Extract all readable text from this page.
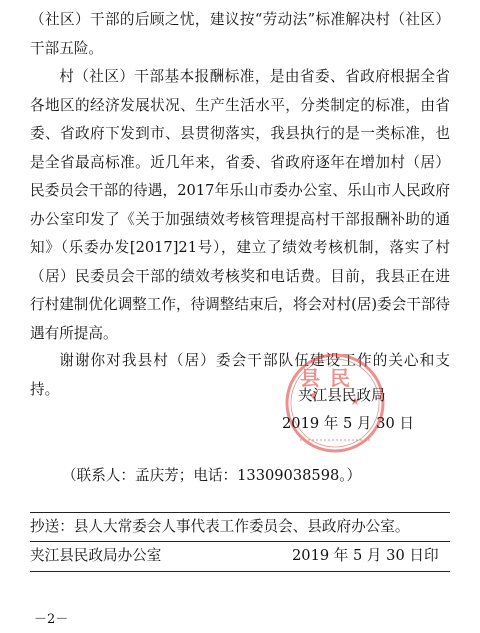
（社区）干部的后顾之忧，建议按“劳动法”标准解决村（社区）干部五险。

村（社区）干部基本报酬标准，是由省委、省政府根据全省各地区的经济发展状况、生产生活水平，分类制定的标准，由省委、省政府下发到市、县贯彻落实，我县执行的是一类标准，也是全省最高标准。近几年来，省委、省政府逐年在增加村（居）民委员会干部的待遇，2017年乐山市委办公室、乐山市人民政府办公室印发了《关于加强绩效考核管理提高村干部报酬补助的通知》（乐委办发[2017]21号），建立了绩效考核机制，落实了村（居）民委员会干部的绩效考核奖和电话费。目前，我县正在进行村建制优化调整工作，待调整结束后，将会对村(居)委会干部待遇有所提高。

谢谢你对我县村（居）委会干部队伍建设工作的关心和支持。	县民
夹江县民政局
2019 年 5 月 30 日
（联系人：孟庆芳；电话：13309038598。）
抄送：县人大常委会人事代表工作委员会、县政府办公室。
夹江县民政局办公室	2019 年 5 月 30 日印
－2－
